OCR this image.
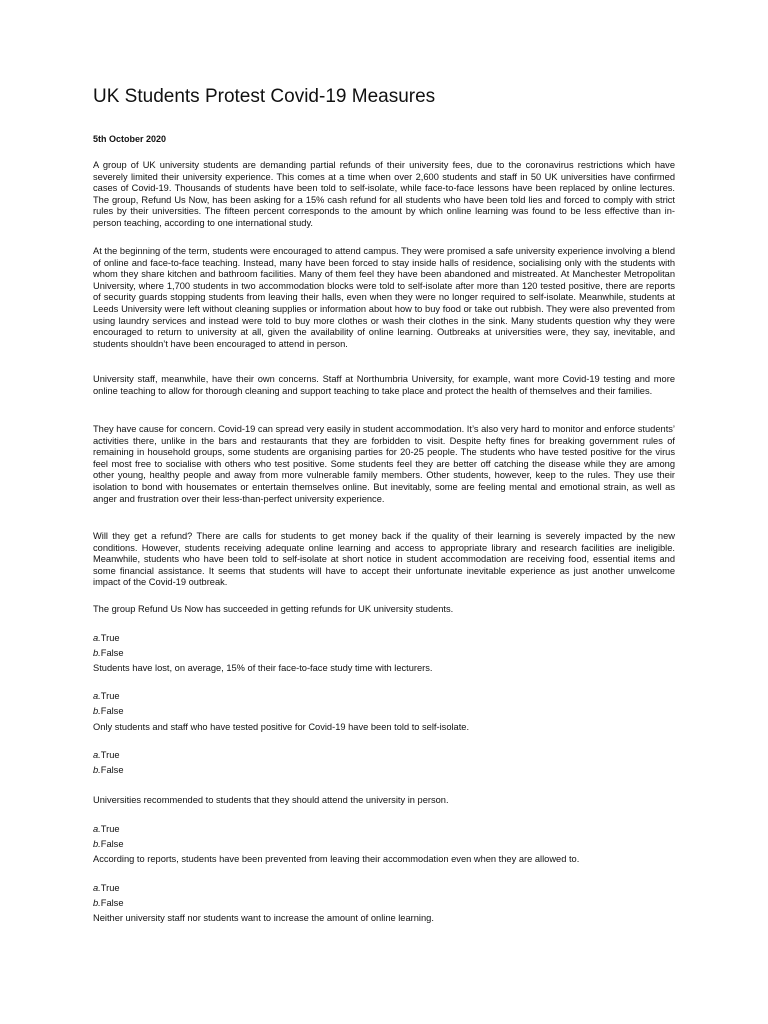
UK Students Protest Covid-19 Measures

5th October 2020

A group of UK university students are demanding partial refunds of their university fees, due to the coronavirus restrictions which have severely limited their university experience. This comes at a time when over 2,600 students and staff in 50 UK universities have confirmed cases of Covid-19. Thousands of students have been told to self-isolate, while face-to-face lessons have been replaced by online lectures. The group, Refund Us Now, has been asking for a 15% cash refund for all students who have been told lies and forced to comply with strict rules by their universities. The fifteen percent corresponds to the amount by which online learning was found to be less effective than in-person teaching, according to one international study.

At the beginning of the term, students were encouraged to attend campus. They were promised a safe university experience involving a blend of online and face-to-face teaching. Instead, many have been forced to stay inside halls of residence, socialising only with the students with whom they share kitchen and bathroom facilities. Many of them feel they have been abandoned and mistreated. At Manchester Metropolitan University, where 1,700 students in two accommodation blocks were told to self-isolate after more than 120 tested positive, there are reports of security guards stopping students from leaving their halls, even when they were no longer required to self-isolate. Meanwhile, students at Leeds University were left without cleaning supplies or information about how to buy food or take out rubbish. They were also prevented from using laundry services and instead were told to buy more clothes or wash their clothes in the sink. Many students question why they were encouraged to return to university at all, given the availability of online learning. Outbreaks at universities were, they say, inevitable, and students shouldn’t have been encouraged to attend in person.

University staff, meanwhile, have their own concerns. Staff at Northumbria University, for example, want more Covid-19 testing and more online teaching to allow for thorough cleaning and support teaching to take place and protect the health of themselves and their families.

They have cause for concern. Covid-19 can spread very easily in student accommodation. It’s also very hard to monitor and enforce students’ activities there, unlike in the bars and restaurants that they are forbidden to visit. Despite hefty fines for breaking government rules of remaining in household groups, some students are organising parties for 20-25 people. The students who have tested positive for the virus feel most free to socialise with others who test positive. Some students feel they are better off catching the disease while they are among other young, healthy people and away from more vulnerable family members. Other students, however, keep to the rules. They use their isolation to bond with housemates or entertain themselves online. But inevitably, some are feeling mental and emotional strain, as well as anger and frustration over their less-than-perfect university experience.

Will they get a refund? There are calls for students to get money back if the quality of their learning is severely impacted by the new conditions. However, students receiving adequate online learning and access to appropriate library and research facilities are ineligible. Meanwhile, students who have been told to self-isolate at short notice in student accommodation are receiving food, essential items and some financial assistance. It seems that students will have to accept their unfortunate inevitable experience as just another unwelcome impact of the Covid-19 outbreak.

The group Refund Us Now has succeeded in getting refunds for UK university students.

a.True

b.False

Students have lost, on average, 15% of their face-to-face study time with lecturers.

a.True

b.False

Only students and staff who have tested positive for Covid-19 have been told to self-isolate.

a.True

b.False

Universities recommended to students that they should attend the university in person.

a.True

b.False

According to reports, students have been prevented from leaving their accommodation even when they are allowed to.

a.True

b.False

Neither university staff nor students want to increase the amount of online learning.
